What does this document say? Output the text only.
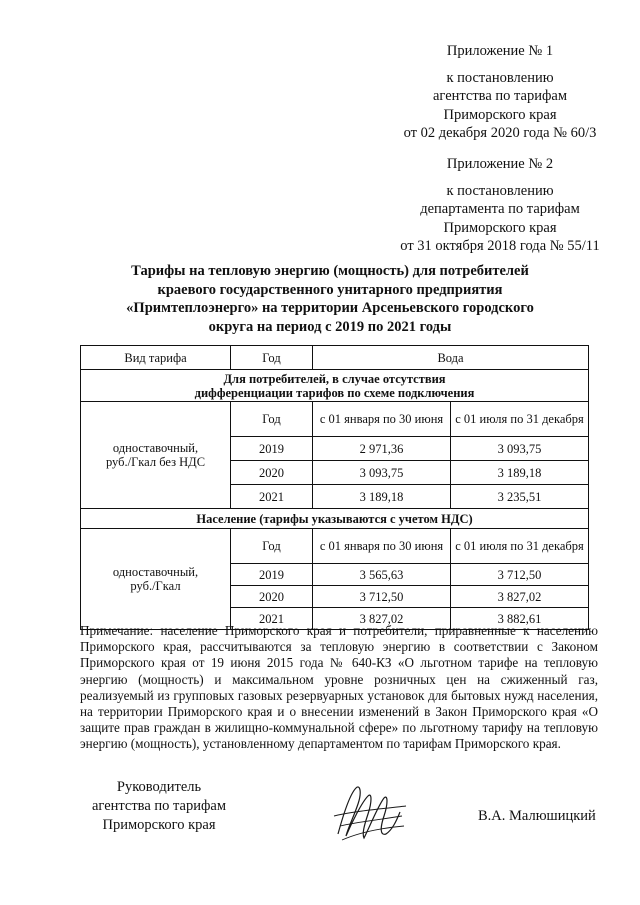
Приложение № 1
к постановлению
агентства по тарифам
Приморского края
от 02 декабря 2020 года № 60/3
Приложение № 2
к постановлению
департамента по тарифам
Приморского края
от 31 октября 2018 года № 55/11
Тарифы на тепловую энергию (мощность) для потребителей
краевого государственного унитарного предприятия
«Примтеплоэнерго» на территории Арсеньевского городского
округа на период с 2019 по 2021 годы
Вид тарифа	Год	Вода	

Для потребителей, в случае отсутствия
дифференциации тарифов по схеме подключения			

одноставочный,
руб./Гкал без НДС	Год	с 01 января по 30 июня	с 01 июля по 31 декабря
	2019	2 971,36	3 093,75
	2020	3 093,75	3 189,18
	2021	3 189,18	3 235,51
Население (тарифы указываются с учетом НДС)			

одноставочный,
руб./Гкал	Год	с 01 января по 30 июня	с 01 июля по 31 декабря
	2019	3 565,63	3 712,50
	2020	3 712,50	3 827,02
	2021	3 827,02	3 882,61
Примечание: население Приморского края и потребители, приравненные к населению Приморского края, рассчитываются за тепловую энергию в соответствии с Законом Приморского края от 19 июня 2015 года № 640-КЗ «О льготном тарифе на тепловую энергию (мощность) и максимальном уровне розничных цен на сжиженный газ, реализуемый из групповых газовых резервуарных установок для бытовых нужд населения, на территории Приморского края и о внесении изменений в Закон Приморского края «О защите прав граждан в жилищно-коммунальной сфере» по льготному тарифу на тепловую энергию (мощность), установленному департаментом по тарифам Приморского края.
Руководитель
агентства по тарифам
Приморского края
В.А. Малюшицкий
